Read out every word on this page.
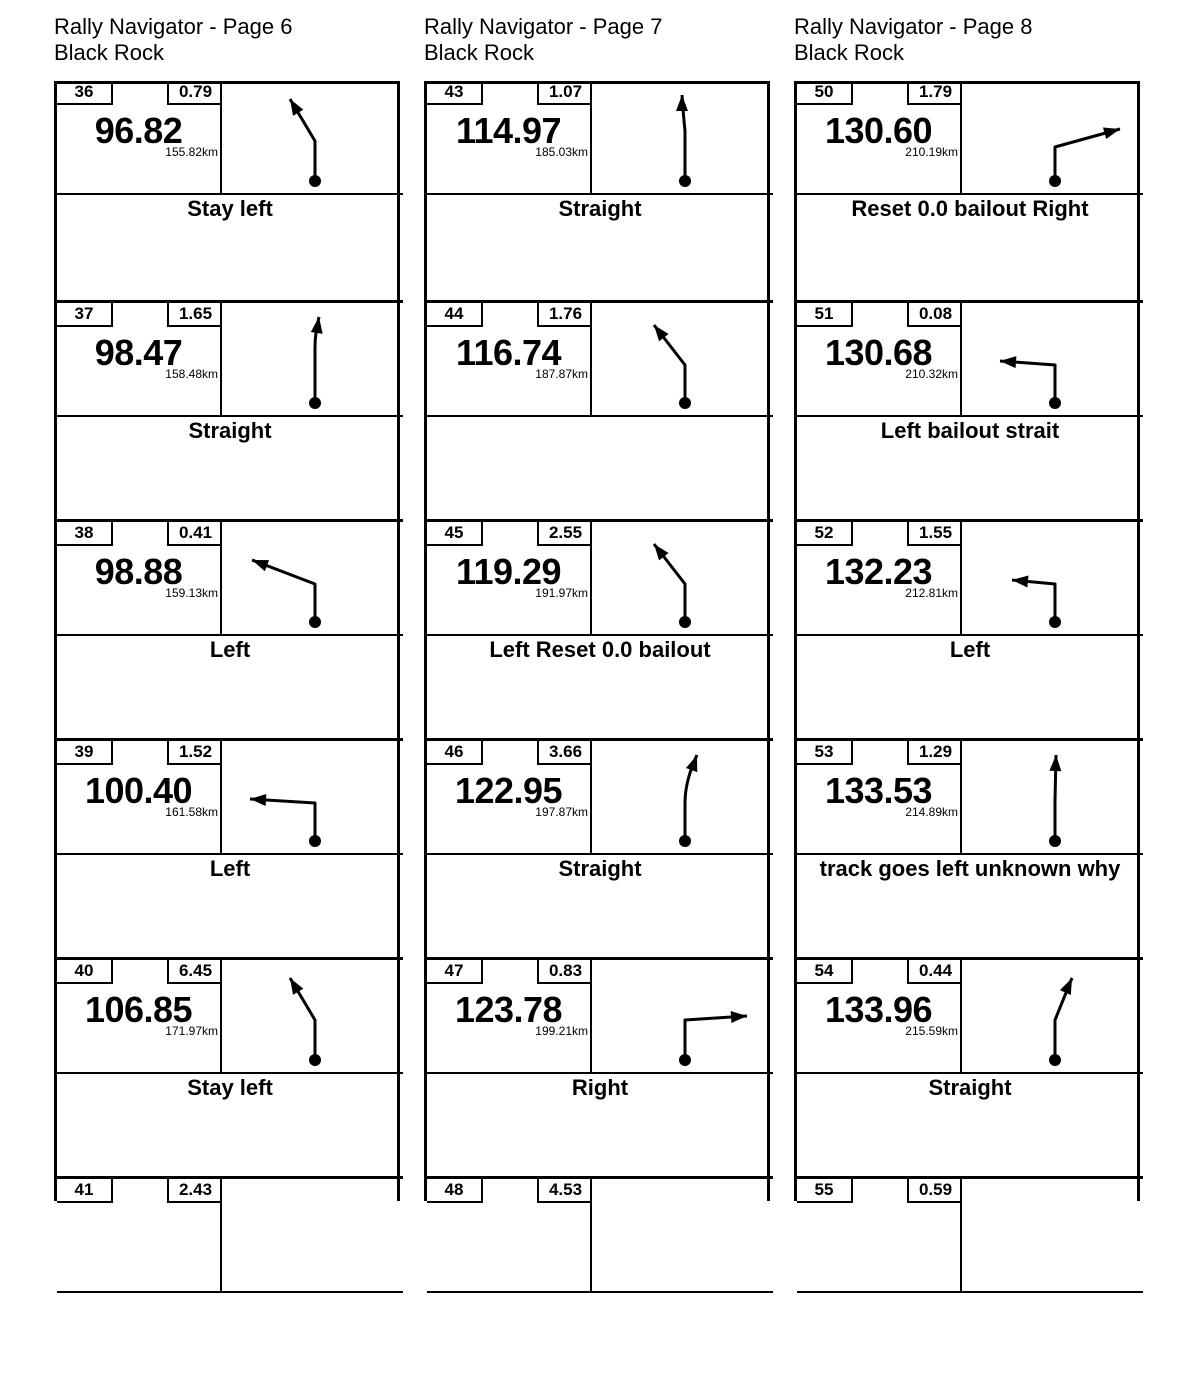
Rally Navigator - Page 6
Black Rock
36	0.79
96.82
155.82km
Stay left
37	1.65
98.47
158.48km
Straight
38	0.41
98.88
159.13km
Left
39	1.52
100.40
161.58km
Left
40	6.45
106.85
171.97km
Stay left
41	2.43
Rally Navigator - Page 7
Black Rock
43	1.07
114.97
185.03km
Straight
44	1.76
116.74
187.87km
45	2.55
119.29
191.97km
Left Reset 0.0 bailout
46	3.66
122.95
197.87km
Straight
47	0.83
123.78
199.21km
Right
48	4.53
Rally Navigator - Page 8
Black Rock
50	1.79
130.60
210.19km
Reset 0.0 bailout Right
51	0.08
130.68
210.32km
Left bailout strait
52	1.55
132.23
212.81km
Left
53	1.29
133.53
214.89km
track goes left unknown why
54	0.44
133.96
215.59km
Straight
55	0.59
